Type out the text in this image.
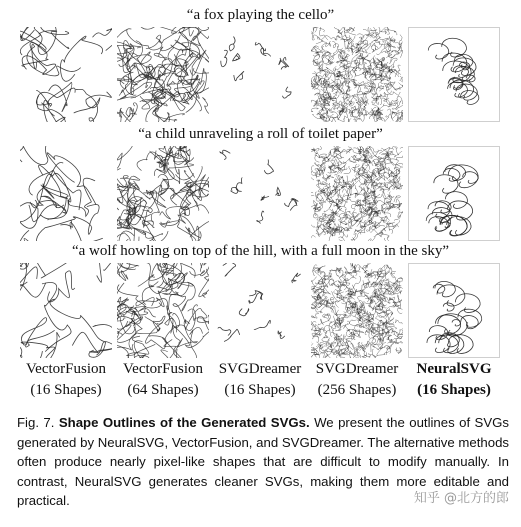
“a fox playing the cello”
“a child unraveling a roll of toilet paper”
“a wolf howling on top of the hill, with a full moon in the sky”
VectorFusion
(16 Shapes)
VectorFusion
(64 Shapes)
SVGDreamer
(16 Shapes)
SVGDreamer
(256 Shapes)
NeuralSVG
(16 Shapes)
Fig. 7. Shape Outlines of the Generated SVGs. We present the outlines of SVGs generated by NeuralSVG, VectorFusion, and SVGDreamer. The alternative methods often produce nearly pixel-like shapes that are difficult to modify manually. In contrast, NeuralSVG generates cleaner SVGs, making them more editable and practical.	知乎 @北方的郎
